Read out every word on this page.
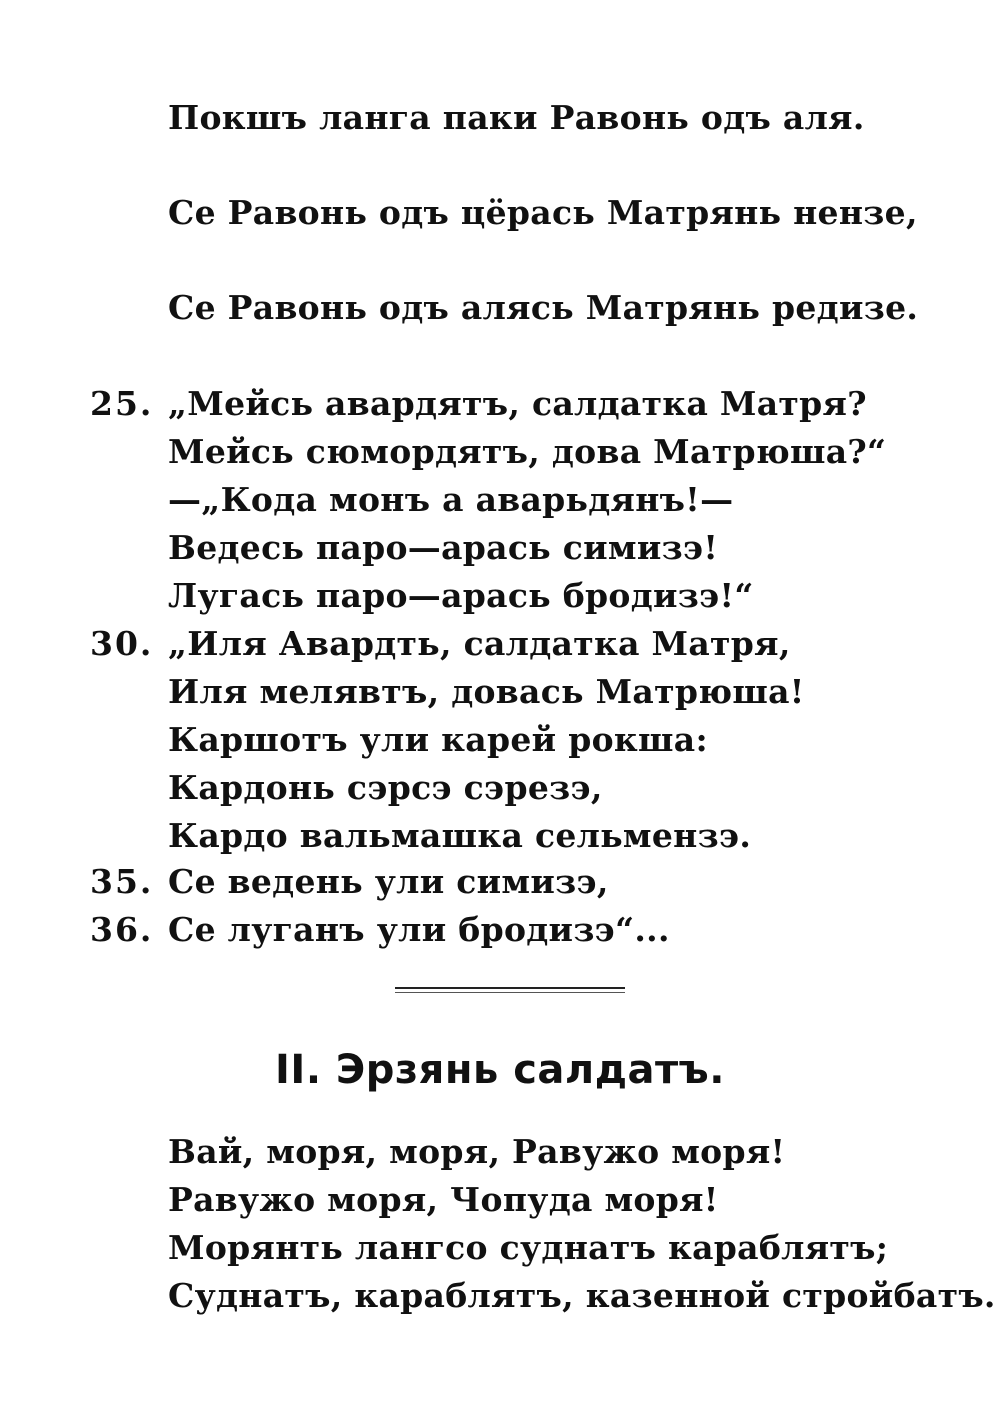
Покшъ ланга паки Равонь одъ аля.
Се Равонь одъ цёрась Матрянь нензе,
Се Равонь одъ алясь Матрянь редизе.
25. „Мейсь авардятъ, салдатка Матря?
Мейсь сюмордятъ, дова Матрюша?“
—„Кода монъ а аварьдянъ!—
Ведесь паро—арась симизэ!
Лугась паро—арась бродизэ!“
30. „Иля Авардть, салдатка Матря,
Иля мелявтъ, довась Матрюша!
Каршотъ ули карей рокша:
Кардонь сэрсэ сэрезэ,
Кардо вальмашка сельмензэ.
35. Се ведень ули симизэ,
36. Се луганъ ули бродизэ“...
II. Эрзянь салдатъ.
Вай, моря, моря, Равужо моря!
Равужо моря, Чопуда моря!
Морянть лангсо суднатъ караблятъ;
Суднатъ, караблятъ, казенной стройбатъ.
